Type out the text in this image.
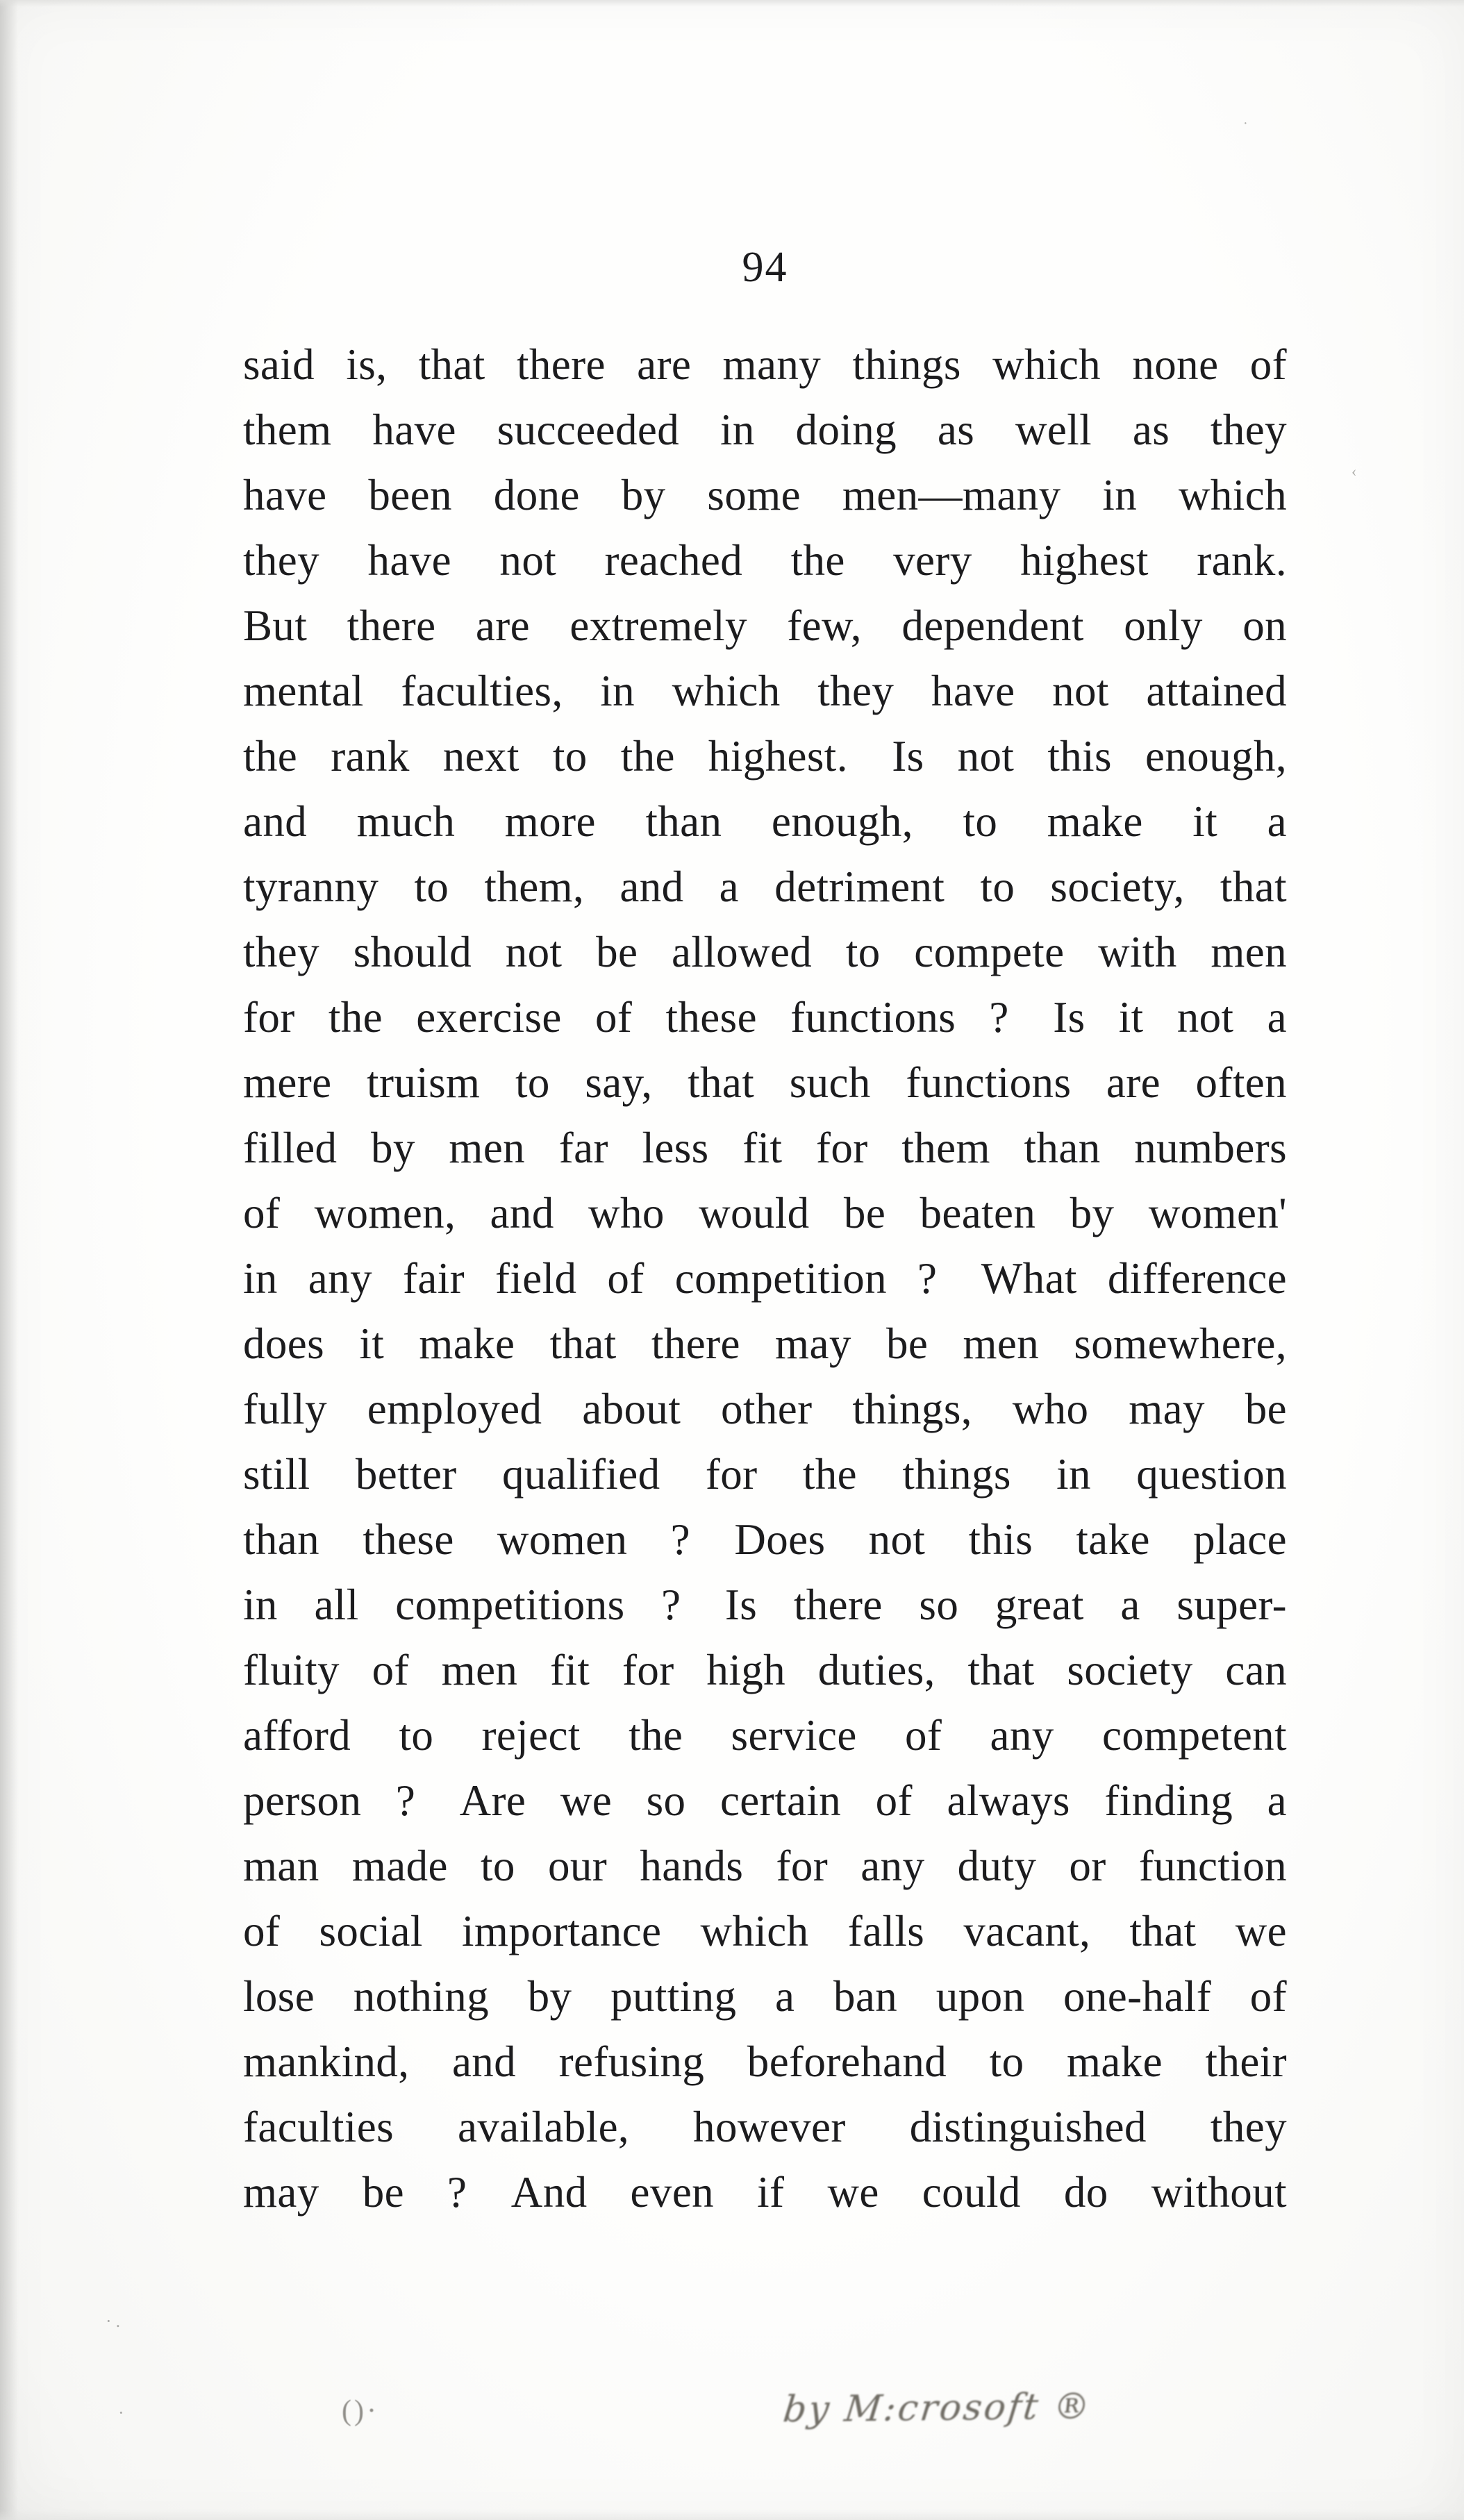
94
said is, that there are many things which none of
them have succeeded in doing as well as they
have been done by some men—many in which
they have not reached the very highest rank.
But there are extremely few, dependent only on
mental faculties, in which they have not attained
the rank next to the highest. Is not this enough,
and much more than enough, to make it a
tyranny to them, and a detriment to society, that
they should not be allowed to compete with men
for the exercise of these functions ? Is it not a
mere truism to say, that such functions are often
filled by men far less fit for them than numbers
of women, and who would be beaten by women'
in any fair field of competition ? What difference
does it make that there may be men somewhere,
fully employed about other things, who may be
still better qualified for the things in question
than these women ? Does not this take place
in all competitions ? Is there so great a super-
fluity of men fit for high duties, that society can
afford to reject the service of any competent
person ? Are we so certain of always finding a
man made to our hands for any duty or function
of social importance which falls vacant, that we
lose nothing by putting a ban upon one-half of
mankind, and refusing beforehand to make their
faculties available, however distinguished they
may be ? And even if we could do without
()·	by M:crosoft ®
·.
·
‹
·
